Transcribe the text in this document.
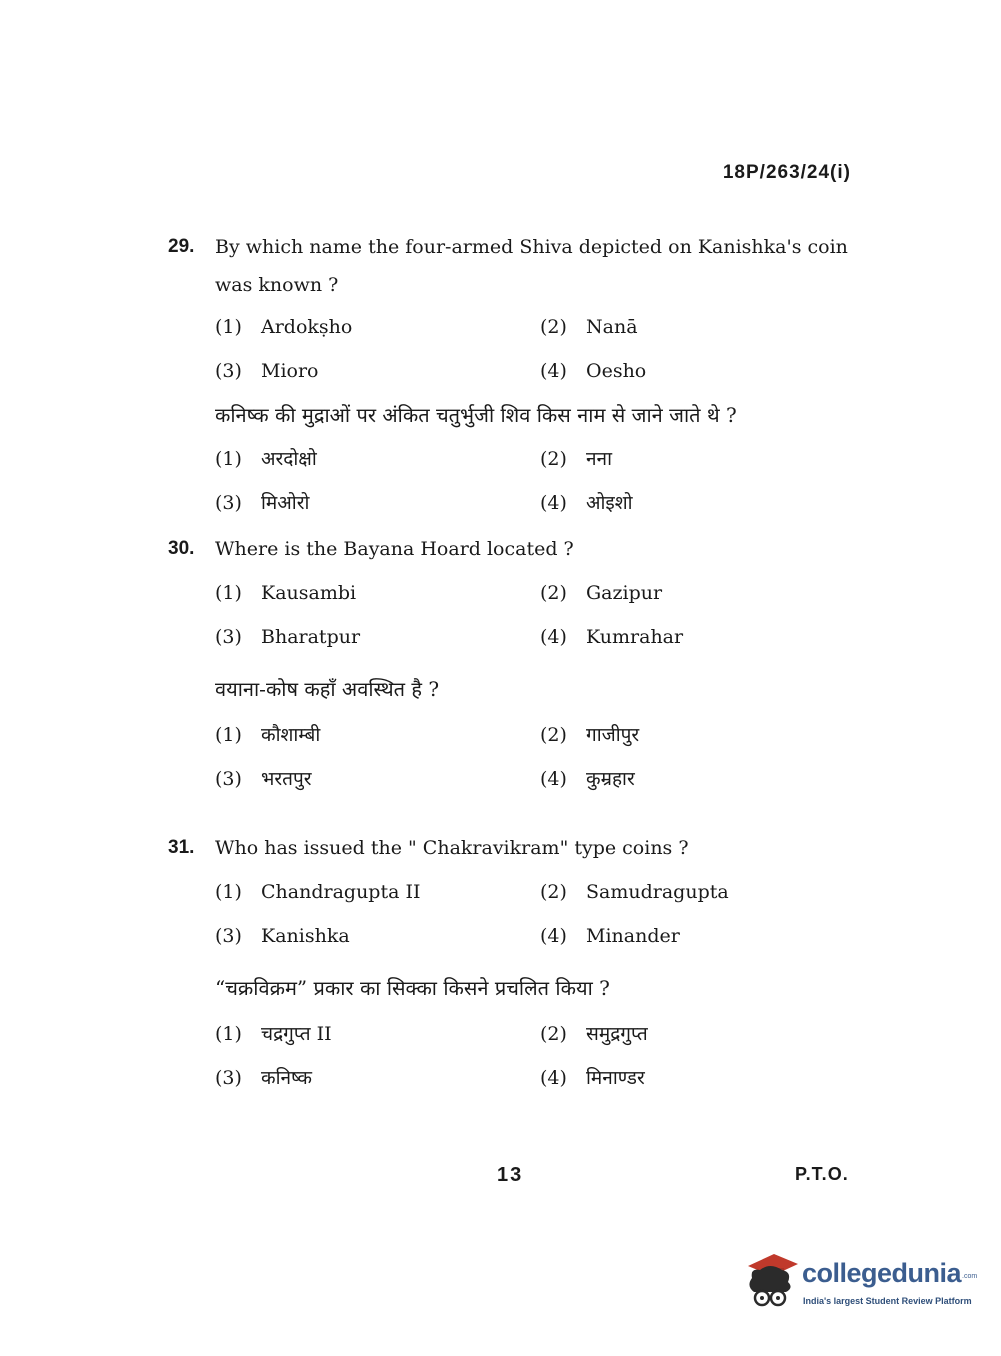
18P/263/24(i)
29. By which name the four-armed Shiva depicted on Kanishka's coin
was known ?
(1) Ardokṣho	(2) Nanā
(3) Mioro	(4) Oesho
कनिष्क की मुद्राओं पर अंकित चतुर्भुजी शिव किस नाम से जाने जाते थे ?
(1) अरदोक्षो	(2) नना
(3) मिओरो	(4) ओइशो
30. Where is the Bayana Hoard located ?
(1) Kausambi	(2) Gazipur
(3) Bharatpur	(4) Kumrahar
वयाना-कोष कहाँ अवस्थित है ?
(1) कौशाम्बी	(2) गाजीपुर
(3) भरतपुर	(4) कुम्रहार
31. Who has issued the " Chakravikram" type coins ?
(1) Chandragupta II	(2) Samudragupta
(3) Kanishka	(4) Minander
“चक्रविक्रम” प्रकार का सिक्का किसने प्रचलित किया ?
(1) चद्रगुप्त II	(2) समुद्रगुप्त
(3) कनिष्क	(4) मिनाण्डर
13	P.T.O.
collegedunia .com
India's largest Student Review Platform
